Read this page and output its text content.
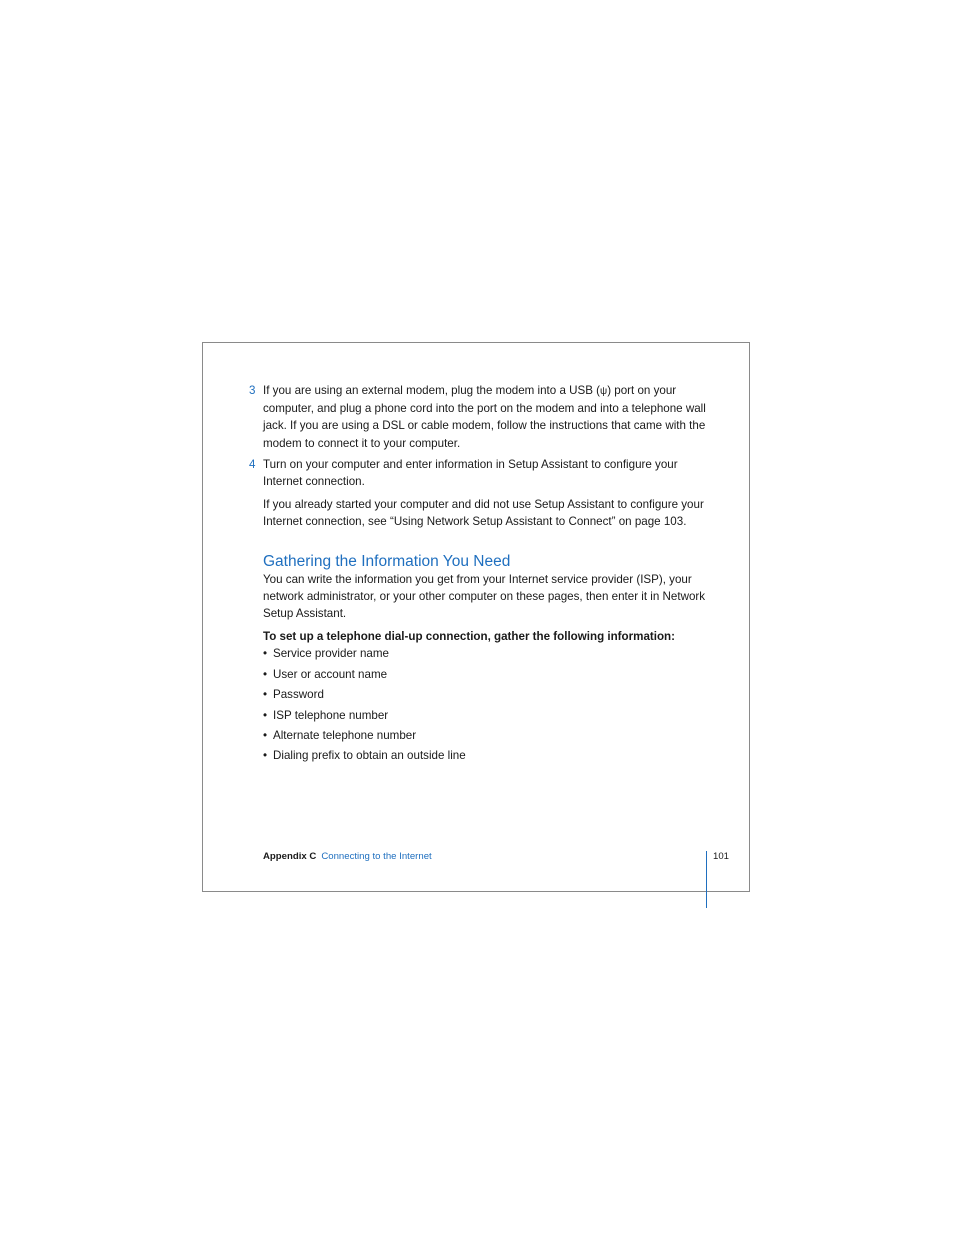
3 If you are using an external modem, plug the modem into a USB (ψ) port on your computer, and plug a phone cord into the port on the modem and into a telephone wall jack. If you are using a DSL or cable modem, follow the instructions that came with the modem to connect it to your computer.

4 Turn on your computer and enter information in Setup Assistant to configure your Internet connection.

If you already started your computer and did not use Setup Assistant to configure your Internet connection, see “Using Network Setup Assistant to Connect” on page 103.

Gathering the Information You Need

You can write the information you get from your Internet service provider (ISP), your network administrator, or your other computer on these pages, then enter it in Network Setup Assistant.

To set up a telephone dial-up connection, gather the following information:

• Service provider name
• User or account name
• Password
• ISP telephone number
• Alternate telephone number
• Dialing prefix to obtain an outside line
Appendix C Connecting to the Internet	101
